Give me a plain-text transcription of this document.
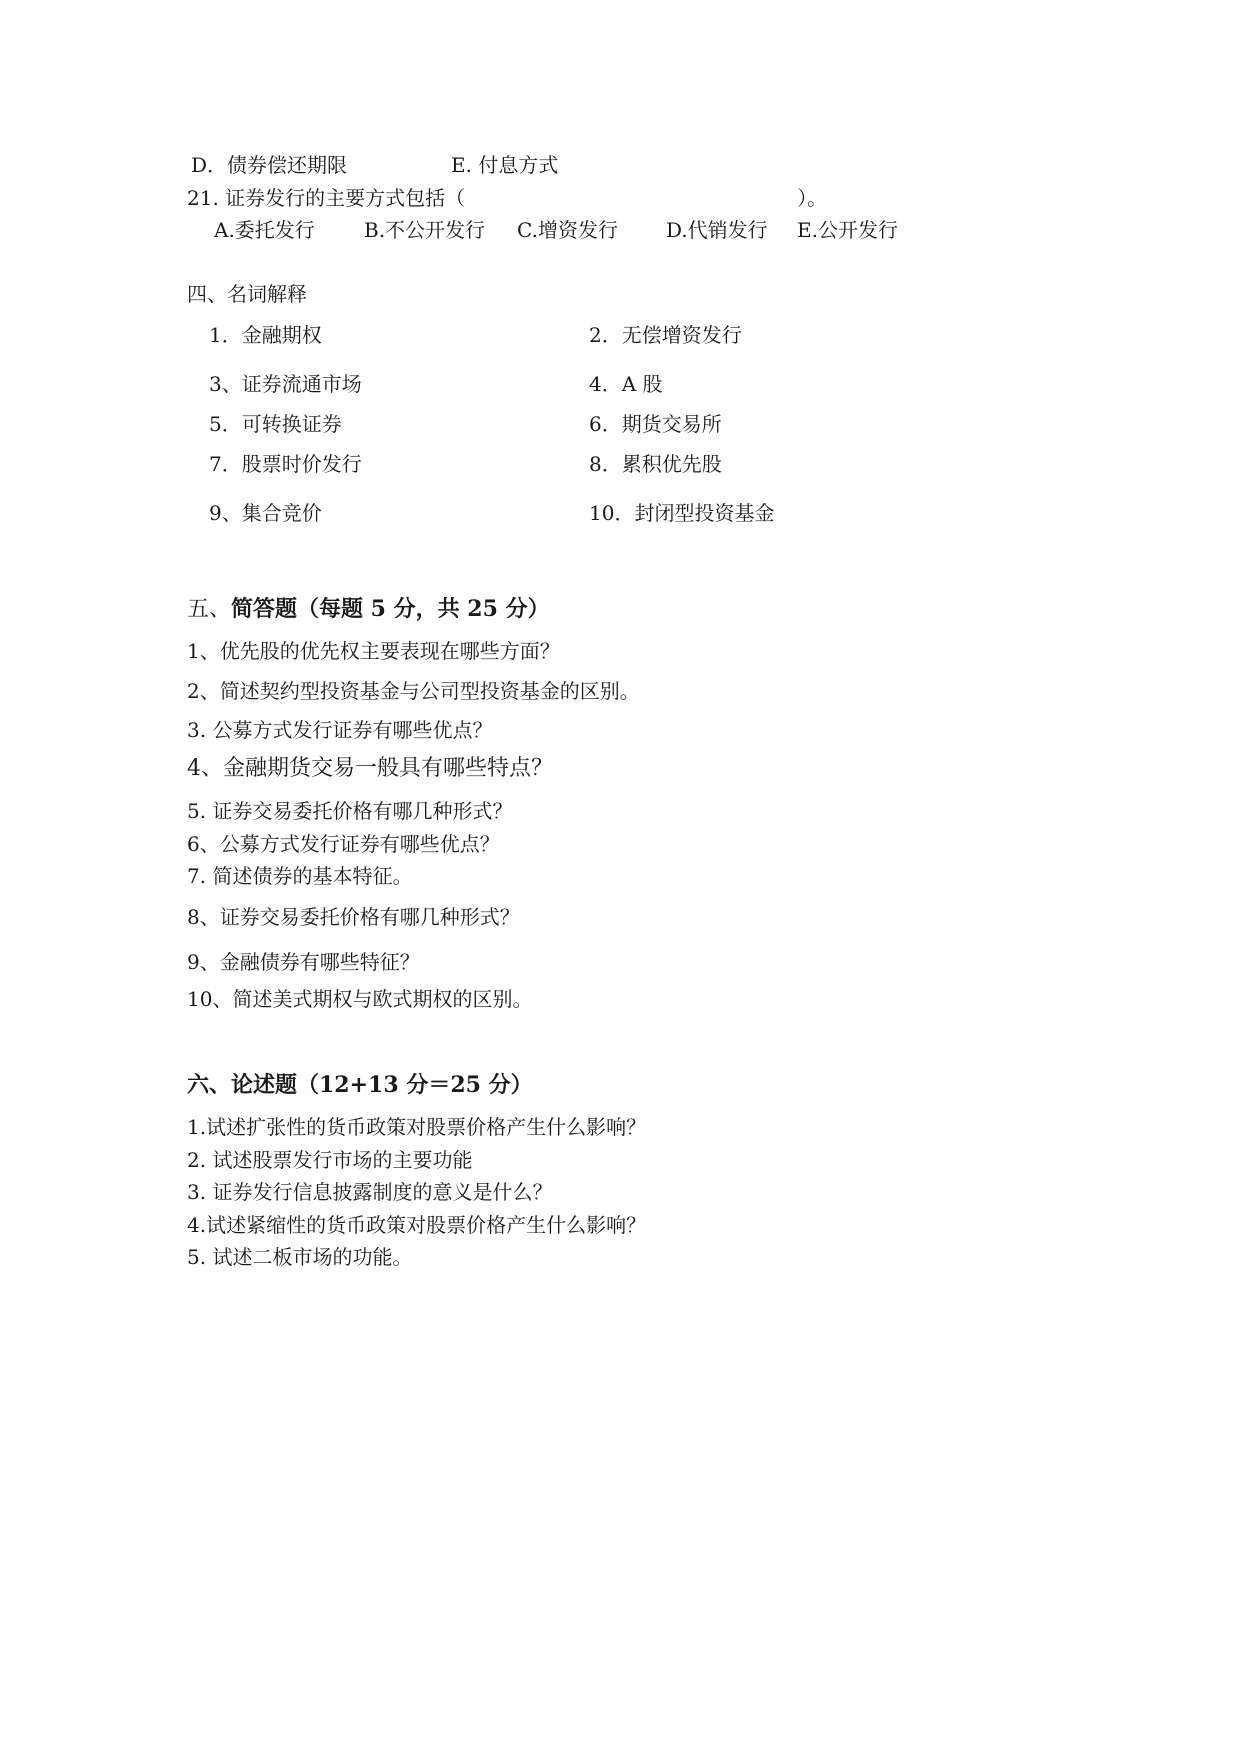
D．债券偿还期限	E. 付息方式
21. 证券发行的主要方式包括（	）。
A.委托发行 B.不公开发行 C.增资发行 D.代销发行 E.公开发行
四、名词解释
1．金融期权	2．无偿增资发行
3、证券流通市场	4．A 股
5．可转换证券	6．期货交易所
7．股票时价发行	8．累积优先股
9、集合竞价	10．封闭型投资基金
五、简答题（每题 5 分，共 25 分）
1、优先股的优先权主要表现在哪些方面？
2、简述契约型投资基金与公司型投资基金的区别。
3. 公募方式发行证券有哪些优点？
4、金融期货交易一般具有哪些特点？
5. 证券交易委托价格有哪几种形式？
6、公募方式发行证券有哪些优点？
7. 简述债券的基本特征。
8、证券交易委托价格有哪几种形式？
9、金融债券有哪些特征？
10、简述美式期权与欧式期权的区别。
六、论述题（12+13 分＝25 分）
1.试述扩张性的货币政策对股票价格产生什么影响？
2. 试述股票发行市场的主要功能
3. 证券发行信息披露制度的意义是什么？
4.试述紧缩性的货币政策对股票价格产生什么影响？
5. 试述二板市场的功能。
